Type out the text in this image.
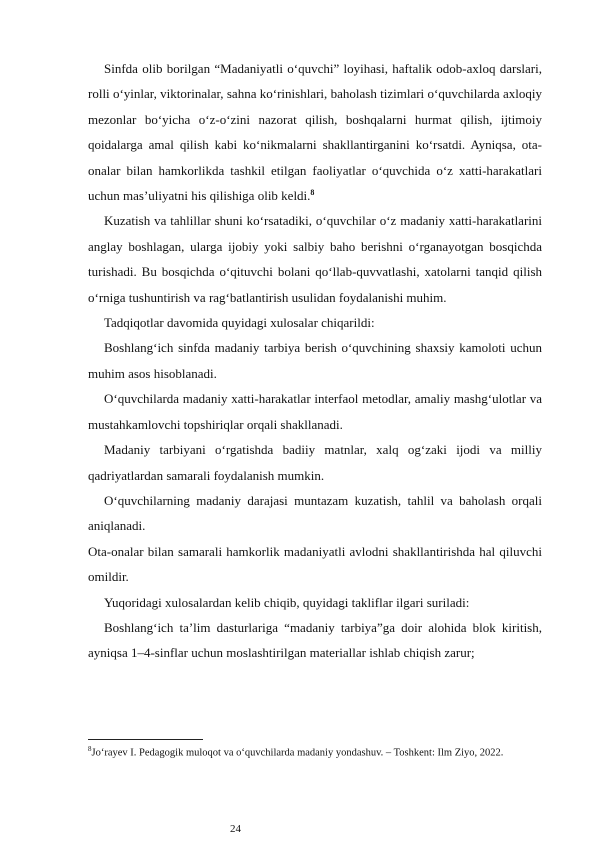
Sinfda olib borilgan “Madaniyatli o‘quvchi” loyihasi, haftalik odob-axloq darslari, rolli o‘yinlar, viktorinalar, sahna ko‘rinishlari, baholash tizimlari o‘quvchilarda axloqiy mezonlar bo‘yicha o‘z-o‘zini nazorat qilish, boshqalarni hurmat qilish, ijtimoiy qoidalarga amal qilish kabi ko‘nikmalarni shakllantirganini ko‘rsatdi. Ayniqsa, ota-onalar bilan hamkorlikda tashkil etilgan faoliyatlar o‘quvchida o‘z xatti-harakatlari uchun mas’uliyatni his qilishiga olib keldi.$^8$

Kuzatish va tahlillar shuni ko‘rsatadiki, o‘quvchilar o‘z madaniy xatti-harakatlarini anglay boshlagan, ularga ijobiy yoki salbiy baho berishni o‘rganayotgan bosqichda turishadi. Bu bosqichda o‘qituvchi bolani qo‘llab-quvvatlashi, xatolarni tanqid qilish o‘rniga tushuntirish va rag‘batlantirish usulidan foydalanishi muhim.

Tadqiqotlar davomida quyidagi xulosalar chiqarildi:

Boshlang‘ich sinfda madaniy tarbiya berish o‘quvchining shaxsiy kamoloti uchun muhim asos hisoblanadi.

O‘quvchilarda madaniy xatti-harakatlar interfaol metodlar, amaliy mashg‘ulotlar va mustahkamlovchi topshiriqlar orqali shakllanadi.

Madaniy tarbiyani o‘rgatishda badiiy matnlar, xalq og‘zaki ijodi va milliy qadriyatlardan samarali foydalanish mumkin.

O‘quvchilarning madaniy darajasi muntazam kuzatish, tahlil va baholash orqali aniqlanadi.

Ota-onalar bilan samarali hamkorlik madaniyatli avlodni shakllantirishda hal qiluvchi omildir.

Yuqoridagi xulosalardan kelib chiqib, quyidagi takliflar ilgari suriladi:

Boshlang‘ich ta’lim dasturlariga “madaniy tarbiya”ga doir alohida blok kiritish, ayniqsa 1–4-sinflar uchun moslashtirilgan materiallar ishlab chiqish zarur;

$^8$Jo‘rayev I. Pedagogik muloqot va o‘quvchilarda madaniy yondashuv. – Toshkent: Ilm Ziyo, 2022.

24
